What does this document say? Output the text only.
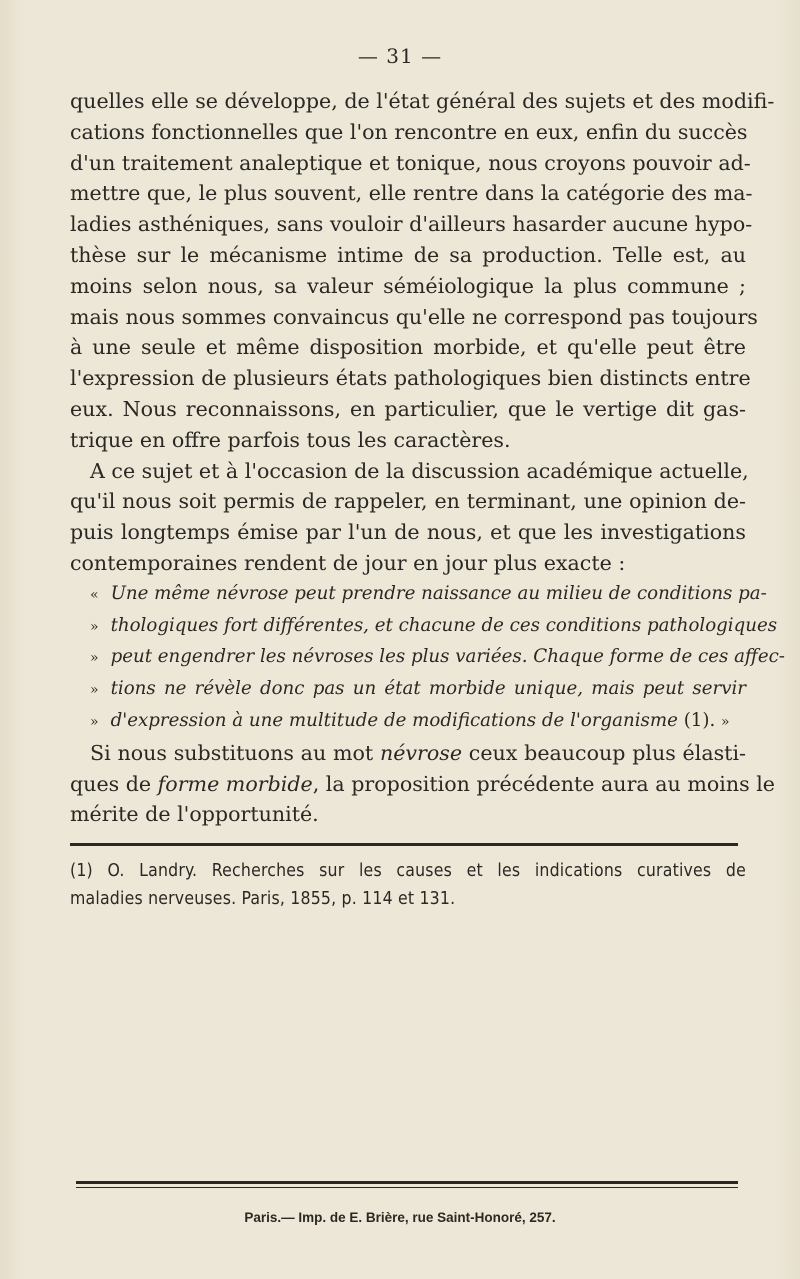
— 31 —
quelles elle se développe, de l'état général des sujets et des modifi-
cations fonctionnelles que l'on rencontre en eux, enfin du succès
d'un traitement analeptique et tonique, nous croyons pouvoir ad-
mettre que, le plus souvent, elle rentre dans la catégorie des ma-
ladies asthéniques, sans vouloir d'ailleurs hasarder aucune hypo-
thèse sur le mécanisme intime de sa production. Telle est, au
moins selon nous, sa valeur séméiologique la plus commune ;
mais nous sommes convaincus qu'elle ne correspond pas toujours
à une seule et même disposition morbide, et qu'elle peut être
l'expression de plusieurs états pathologiques bien distincts entre
eux. Nous reconnaissons, en particulier, que le vertige dit gas-
trique en offre parfois tous les caractères.
A ce sujet et à l'occasion de la discussion académique actuelle,
qu'il nous soit permis de rappeler, en terminant, une opinion de-
puis longtemps émise par l'un de nous, et que les investigations
contemporaines rendent de jour en jour plus exacte :
« Une même névrose peut prendre naissance au milieu de conditions pa-
» thologiques fort différentes, et chacune de ces conditions pathologiques
» peut engendrer les névroses les plus variées. Chaque forme de ces affec-
» tions ne révèle donc pas un état morbide unique, mais peut servir
» d'expression à une multitude de modifications de l'organisme (1). »
Si nous substituons au mot névrose ceux beaucoup plus élasti-
ques de forme morbide, la proposition précédente aura au moins le
mérite de l'opportunité.
(1) O. Landry. Recherches sur les causes et les indications curatives de
maladies nerveuses. Paris, 1855, p. 114 et 131.
Paris.— Imp. de E. Brière, rue Saint-Honoré, 257.
